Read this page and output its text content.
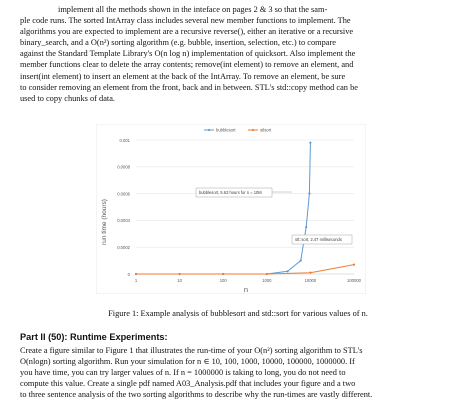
implement all the methods shown in the inteface on pages 2 & 3 so that the sam-
ple code runs. The sorted IntArray class includes several new member functions to implement. The
algorithms you are expected to implement are a recursive reverse(), either an iterative or a recursive
binary_search, and a O(n²) sorting algorithm (e.g. bubble, insertion, selection, etc.) to compare
against the Standard Template Library's O(n log n) implementation of quicksort. Also implement the
member functions clear to delete the array contents; remove(int element) to remove an element, and
insert(int element) to insert an element at the back of the IntArray. To remove an element, be sure
to consider removing an element from the front, back and in between. STL's std::copy method can be
used to copy chunks of data.
0
0.0002
0.0004
0.0006
0.0008
0.001
1	10	100	1000	10000	100000
bubblesort	stlsort
bubblesort, 5.63 hours for n = 10M
stl::sort, 2.47 milliseconds
run time (hours)
n
Figure 1: Example analysis of bubblesort and std::sort for various values of n.
Part II (50): Runtime Experiments:
Create a figure similar to Figure 1 that illustrates the run-time of your O(n²) sorting algorithm to STL's
O(nlogn) sorting algorithm. Run your simulation for n ∈ 10, 100, 1000, 10000, 100000, 1000000. If
you have time, you can try larger values of n. If n = 1000000 is taking to long, you do not need to
compute this value. Create a single pdf named A03_Analysis.pdf that includes your figure and a two
to three sentence analysis of the two sorting algorithms to describe why the run-times are vastly different.
